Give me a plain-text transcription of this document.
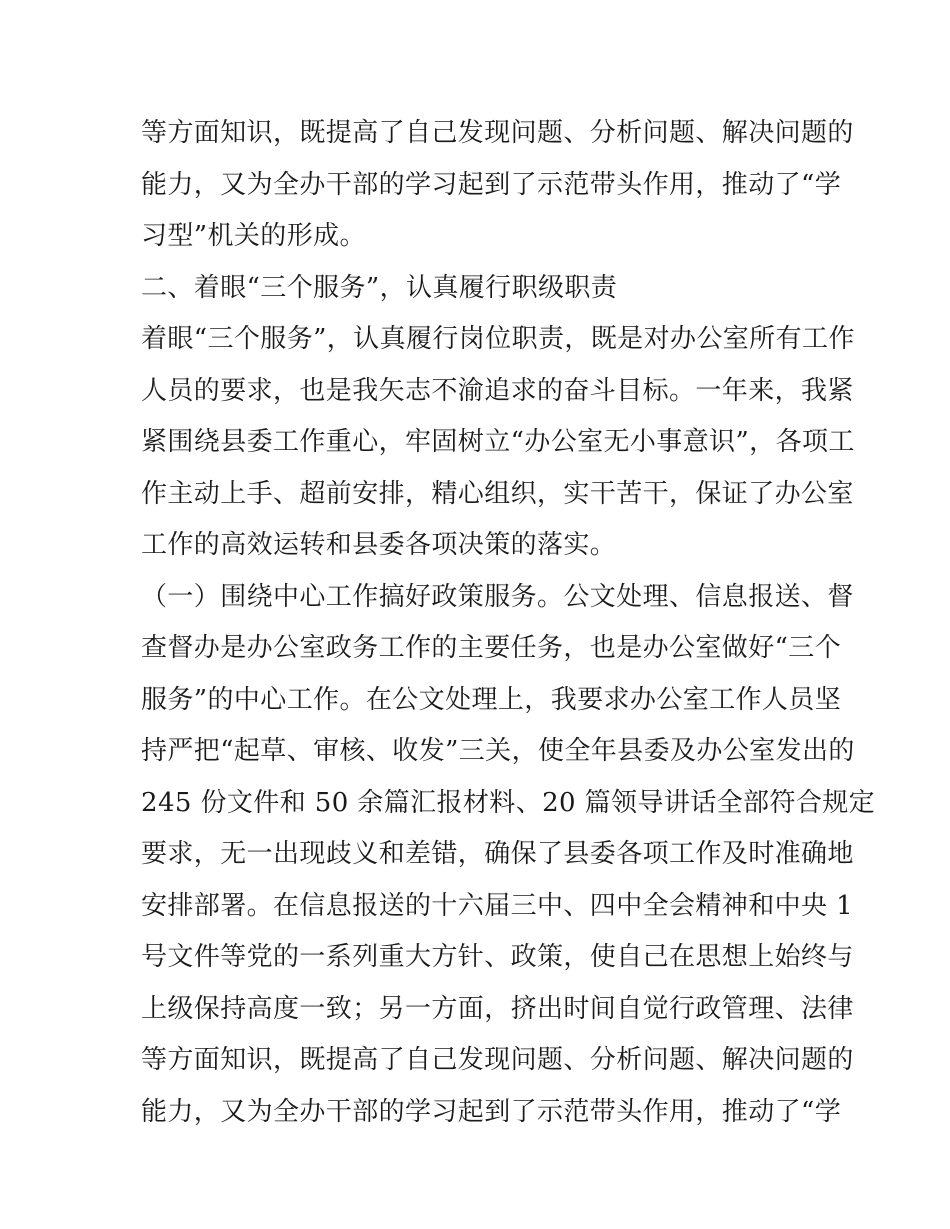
等方面知识，既提高了自己发现问题、分析问题、解决问题的
能力，又为全办干部的学习起到了示范带头作用，推动了“学
习型”机关的形成。
二、着眼“三个服务”，认真履行职级职责
着眼“三个服务”，认真履行岗位职责，既是对办公室所有工作
人员的要求，也是我矢志不渝追求的奋斗目标。一年来，我紧
紧围绕县委工作重心，牢固树立“办公室无小事意识”，各项工
作主动上手、超前安排，精心组织，实干苦干，保证了办公室
工作的高效运转和县委各项决策的落实。
（一）围绕中心工作搞好政策服务。公文处理、信息报送、督
查督办是办公室政务工作的主要任务，也是办公室做好“三个
服务”的中心工作。在公文处理上，我要求办公室工作人员坚
持严把“起草、审核、收发”三关，使全年县委及办公室发出的
245 份文件和 50 余篇汇报材料、20 篇领导讲话全部符合规定
要求，无一出现歧义和差错，确保了县委各项工作及时准确地
安排部署。在信息报送的十六届三中、四中全会精神和中央 1
号文件等党的一系列重大方针、政策，使自己在思想上始终与
上级保持高度一致；另一方面，挤出时间自觉行政管理、法律
等方面知识，既提高了自己发现问题、分析问题、解决问题的
能力，又为全办干部的学习起到了示范带头作用，推动了“学
